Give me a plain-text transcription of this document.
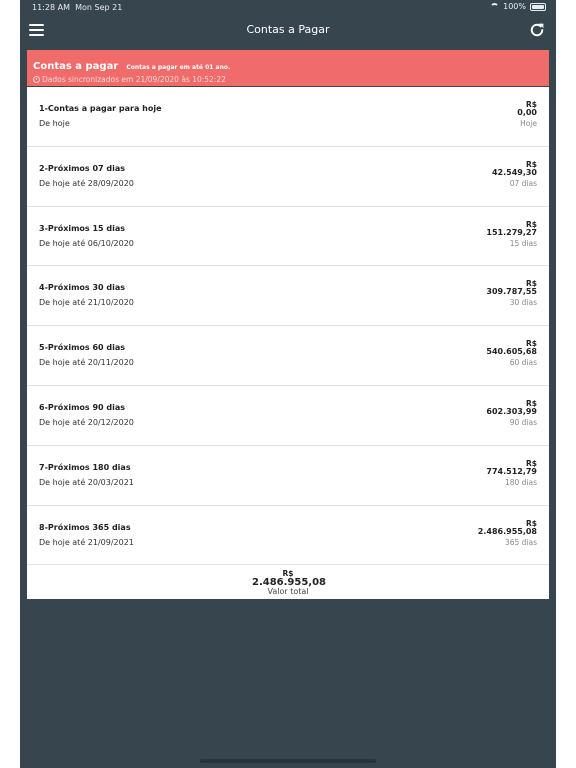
11:28 AM Mon Sep 21	100%
Contas a Pagar
Contas a pagar Contas a pagar em até 01 ano.
Dados sincronizados em 21/09/2020 às 10:52:22
1-Contas a pagar para hoje
De hoje
R$
0,00
Hoje
2-Próximos 07 dias
De hoje até 28/09/2020
R$
42.549,30
07 dias
3-Próximos 15 dias
De hoje até 06/10/2020
R$
151.279,27
15 dias
4-Próximos 30 dias
De hoje até 21/10/2020
R$
309.787,55
30 dias
5-Próximos 60 dias
De hoje até 20/11/2020
R$
540.605,68
60 dias
6-Próximos 90 dias
De hoje até 20/12/2020
R$
602.303,99
90 dias
7-Próximos 180 dias
De hoje até 20/03/2021
R$
774.512,79
180 dias
8-Próximos 365 dias
De hoje até 21/09/2021
R$
2.486.955,08
365 dias
R$
2.486.955,08
Valor total
